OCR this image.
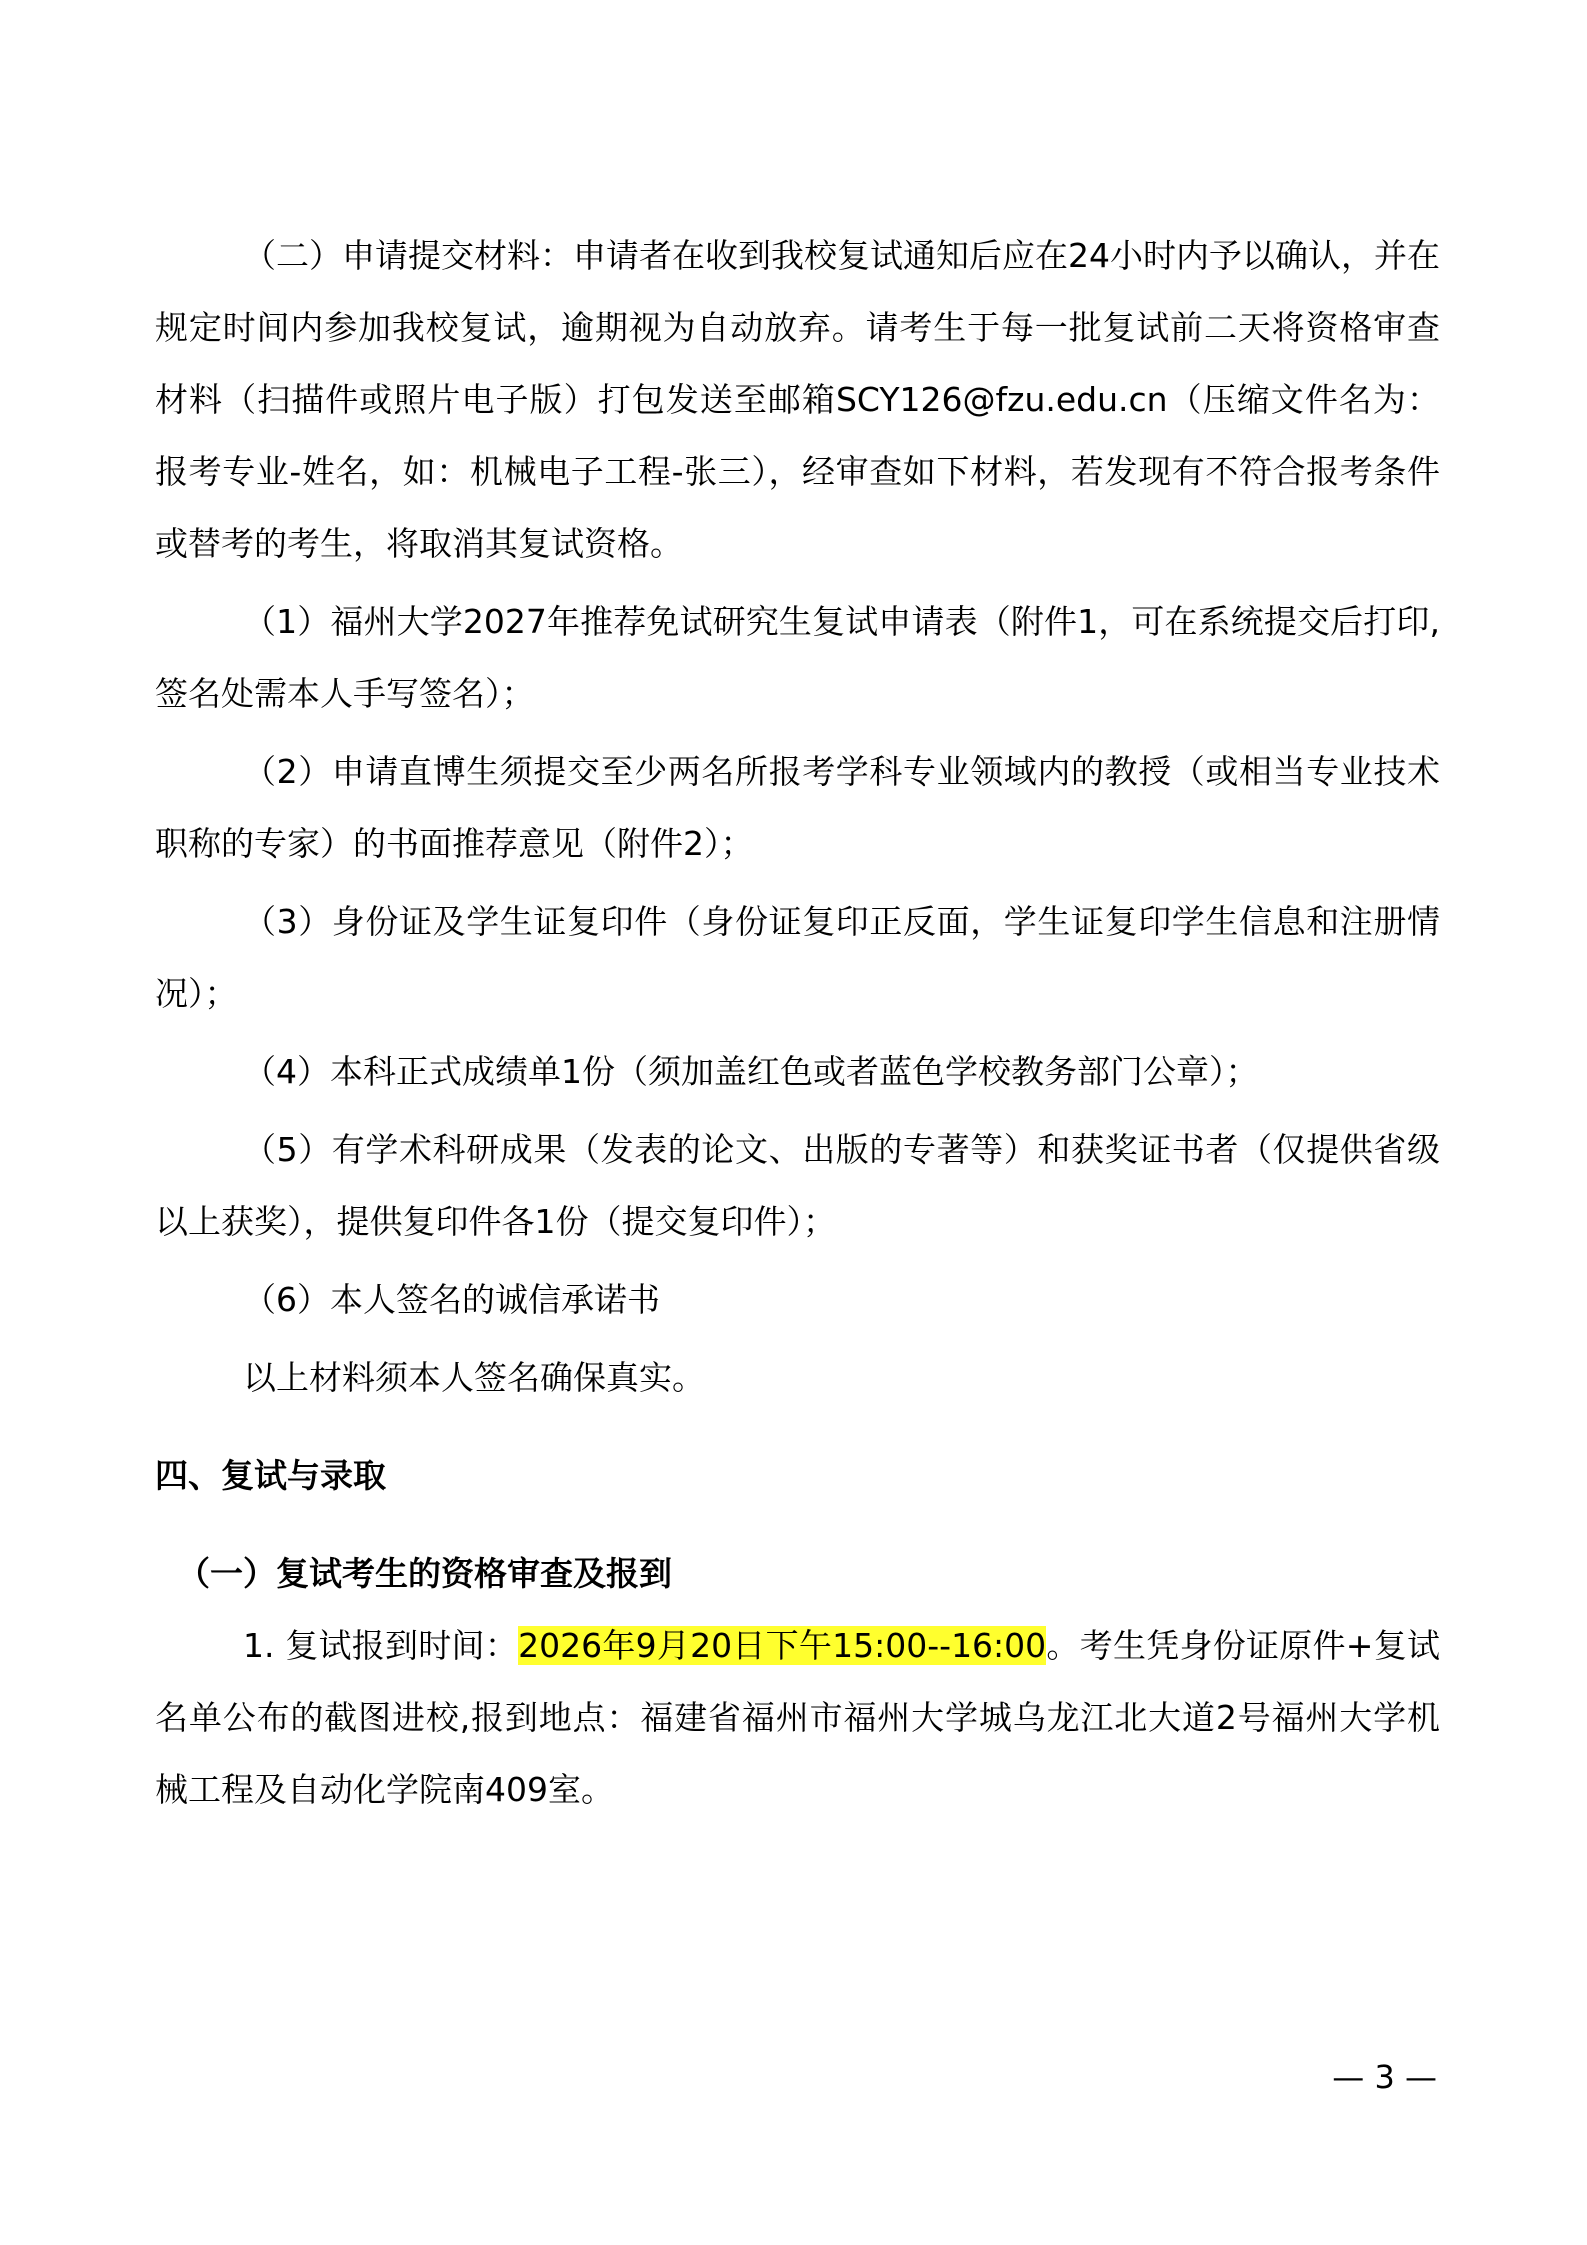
（二）申请提交材料：申请者在收到我校复试通知后应在24小时内予以确认，并在规定时间内参加我校复试，逾期视为自动放弃。请考生于每一批复试前二天将资格审查材料（扫描件或照片电子版）打包发送至邮箱SCY126@fzu.edu.cn（压缩文件名为：报考专业-姓名，如：机械电子工程-张三），经审查如下材料，若发现有不符合报考条件或替考的考生，将取消其复试资格。

（1）福州大学2027年推荐免试研究生复试申请表（附件1，可在系统提交后打印,签名处需本人手写签名）；

（2）申请直博生须提交至少两名所报考学科专业领域内的教授（或相当专业技术职称的专家）的书面推荐意见（附件2）；

（3）身份证及学生证复印件（身份证复印正反面，学生证复印学生信息和注册情况）；

（4）本科正式成绩单1份（须加盖红色或者蓝色学校教务部门公章）；

（5）有学术科研成果（发表的论文、出版的专著等）和获奖证书者（仅提供省级以上获奖），提供复印件各1份（提交复印件）；

（6）本人签名的诚信承诺书

以上材料须本人签名确保真实。

四、复试与录取
（一）复试考生的资格审查及报到

1. 复试报到时间：2026年9月20日下午15:00--16:00。考生凭身份证原件+复试名单公布的截图进校,报到地点：福建省福州市福州大学城乌龙江北大道2号福州大学机械工程及自动化学院南409室。

— 3 —
